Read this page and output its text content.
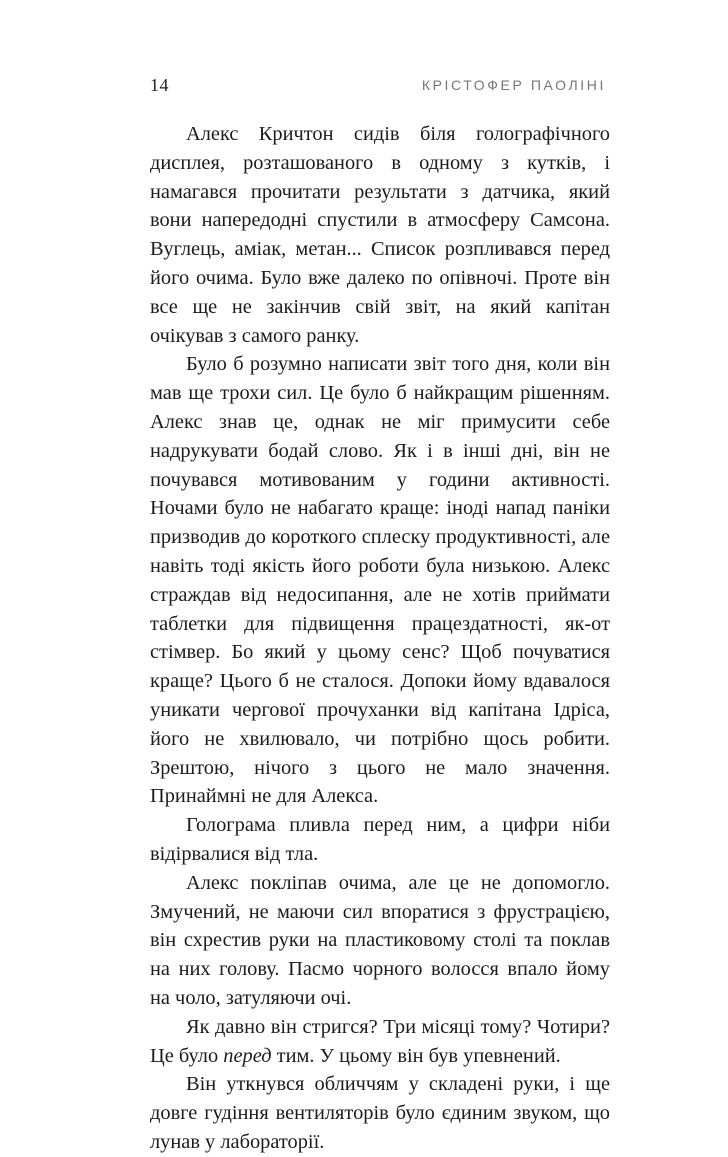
14	КРІСТОФЕР ПАОЛІНІ

Алекс Кричтон сидів біля голографічного дисплея, розташованого в одному з кутків, і намагався прочитати результати з датчика, який вони напередодні спустили в атмосферу Самсона. Вуглець, аміак, метан... Список розпливався перед його очима. Було вже далеко по опівночі. Проте він все ще не закінчив свій звіт, на який капітан очікував з самого ранку.

Було б розумно написати звіт того дня, коли він мав ще трохи сил. Це було б найкращим рішенням. Алекс знав це, однак не міг примусити себе надрукувати бодай слово. Як і в інші дні, він не почувався мотивованим у години активності. Ночами було не набагато краще: іноді напад паніки призводив до короткого сплеску продуктивності, але навіть тоді якість його роботи була низькою. Алекс страждав від недосипання, але не хотів приймати таблетки для підвищення працездатності, як-от стімвер. Бо який у цьому сенс? Щоб почуватися краще? Цього б не сталося. Допоки йому вдавалося уникати чергової прочуханки від капітана Ідріса, його не хвилювало, чи потрібно щось робити. Зрештою, нічого з цього не мало значення. Принаймні не для Алекса.

Голограма пливла перед ним, а цифри ніби відірвалися від тла.

Алекс покліпав очима, але це не допомогло. Змучений, не маючи сил впоратися з фрустрацією, він схрестив руки на пластиковому столі та поклав на них голову. Пасмо чорного волосся впало йому на чоло, затуляючи очі.

Як давно він стригся? Три місяці тому? Чотири? Це було перед тим. У цьому він був упевнений.

Він уткнувся обличчям у складені руки, і ще довге гудіння вентиляторів було єдиним звуком, що лунав у лабораторії.
